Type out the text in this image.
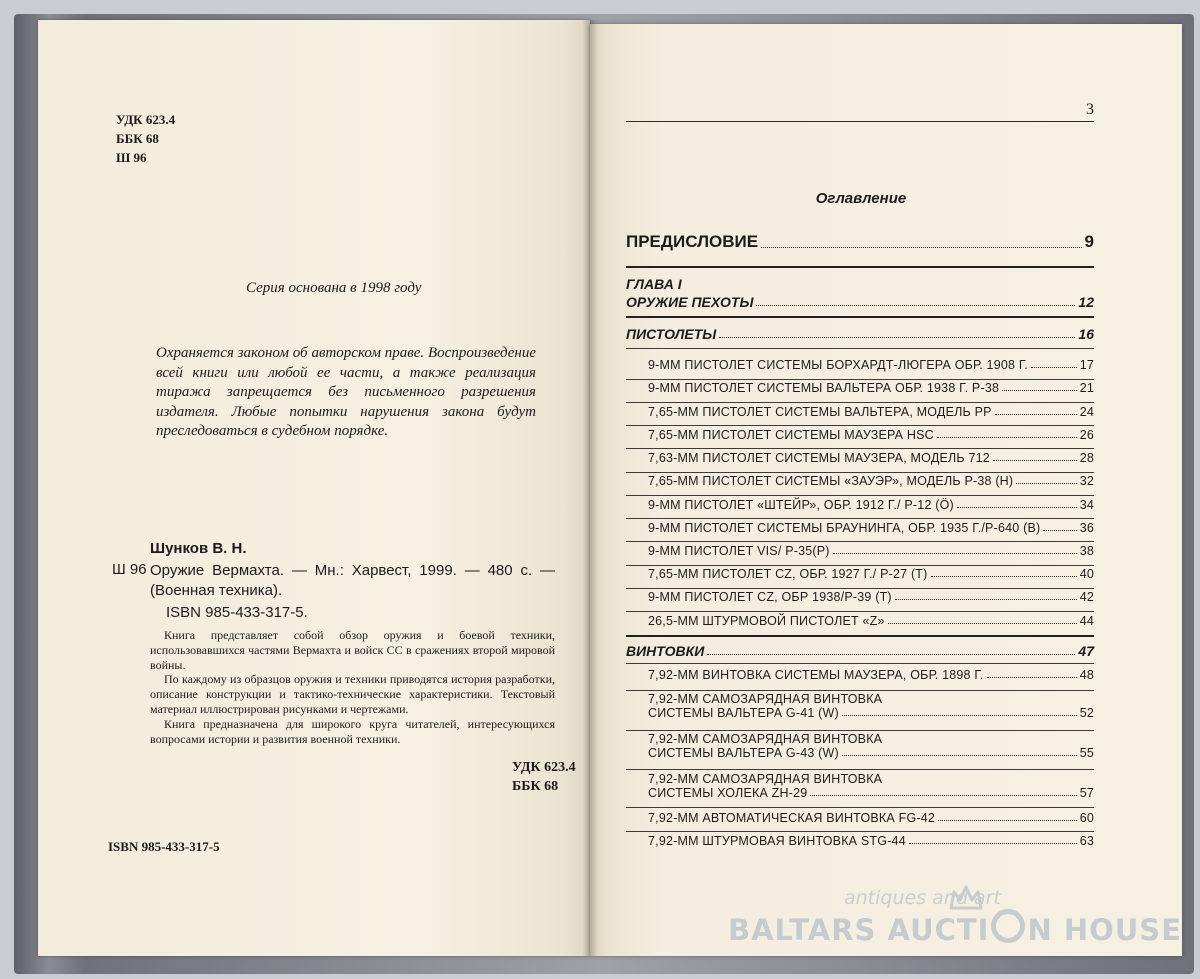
УДК 623.4
ББК 68
Ш 96

Серия основана в 1998 году
Охраняется законом об авторском праве. Воспроизведение всей книги или любой ее части, а также реализация тиража запрещается без письменного разрешения издателя. Любые попытки нарушения закона будут преследоваться в судебном порядке.
Шунков В. Н.
Ш 96 Оружие Вермахта. — Мн.: Харвест, 1999. — 480 с. — (Военная техника).
ISBN 985-433-317-5.

Книга представляет собой обзор оружия и боевой техники, использовавшихся частями Вермахта и войск СС в сражениях второй мировой войны.

По каждому из образцов оружия и техники приводятся история разработки, описание конструкции и тактико-технические характеристики. Текстовый материал иллюстрирован рисунками и чертежами.

Книга предназначена для широкого круга читателей, интересующихся вопросами истории и развития военной техники.

УДК 623.4
ББК 68
ISBN 985-433-317-5
3
Оглавление
ПРЕДИСЛОВИЕ	9
ГЛАВА I
ОРУЖИЕ ПЕХОТЫ	12
ПИСТОЛЕТЫ	16
9-ММ ПИСТОЛЕТ СИСТЕМЫ БОРХАРДТ-ЛЮГЕРА ОБР. 1908 Г.	17
9-ММ ПИСТОЛЕТ СИСТЕМЫ ВАЛЬТЕРА ОБР. 1938 Г. Р-38	21
7,65-ММ ПИСТОЛЕТ СИСТЕМЫ ВАЛЬТЕРА, МОДЕЛЬ РР	24
7,65-ММ ПИСТОЛЕТ СИСТЕМЫ МАУЗЕРА HSC	26
7,63-ММ ПИСТОЛЕТ СИСТЕМЫ МАУЗЕРА, МОДЕЛЬ 712	28
7,65-ММ ПИСТОЛЕТ СИСТЕМЫ «ЗАУЭР», МОДЕЛЬ Р-38 (Н)	32
9-ММ ПИСТОЛЕТ «ШТЕЙР», ОБР. 1912 Г./ Р-12 (Ö)	34
9-ММ ПИСТОЛЕТ СИСТЕМЫ БРАУНИНГА, ОБР. 1935 Г./Р-640 (В)	36
9-ММ ПИСТОЛЕТ VIS/ Р-35(Р)	38
7,65-ММ ПИСТОЛЕТ CZ, ОБР. 1927 Г./ Р-27 (Т)	40
9-ММ ПИСТОЛЕТ CZ, ОБР 1938/Р-39 (Т)	42
26,5-ММ ШТУРМОВОЙ ПИСТОЛЕТ «Z»	44
ВИНТОВКИ	47
7,92-ММ ВИНТОВКА СИСТЕМЫ МАУЗЕРА, ОБР. 1898 Г.	48
7,92-ММ САМОЗАРЯДНАЯ ВИНТОВКА
СИСТЕМЫ ВАЛЬТЕРА G-41 (W)	52
7,92-ММ САМОЗАРЯДНАЯ ВИНТОВКА
СИСТЕМЫ ВАЛЬТЕРА G-43 (W)	55
7,92-ММ САМОЗАРЯДНАЯ ВИНТОВКА
СИСТЕМЫ ХОЛЕКА ZH-29	57
7,92-ММ АВТОМАТИЧЕСКАЯ ВИНТОВКА FG-42	60
7,92-ММ ШТУРМОВАЯ ВИНТОВКА STG-44	63
antiques and art
BALTARS AUCTI N HOUSE
